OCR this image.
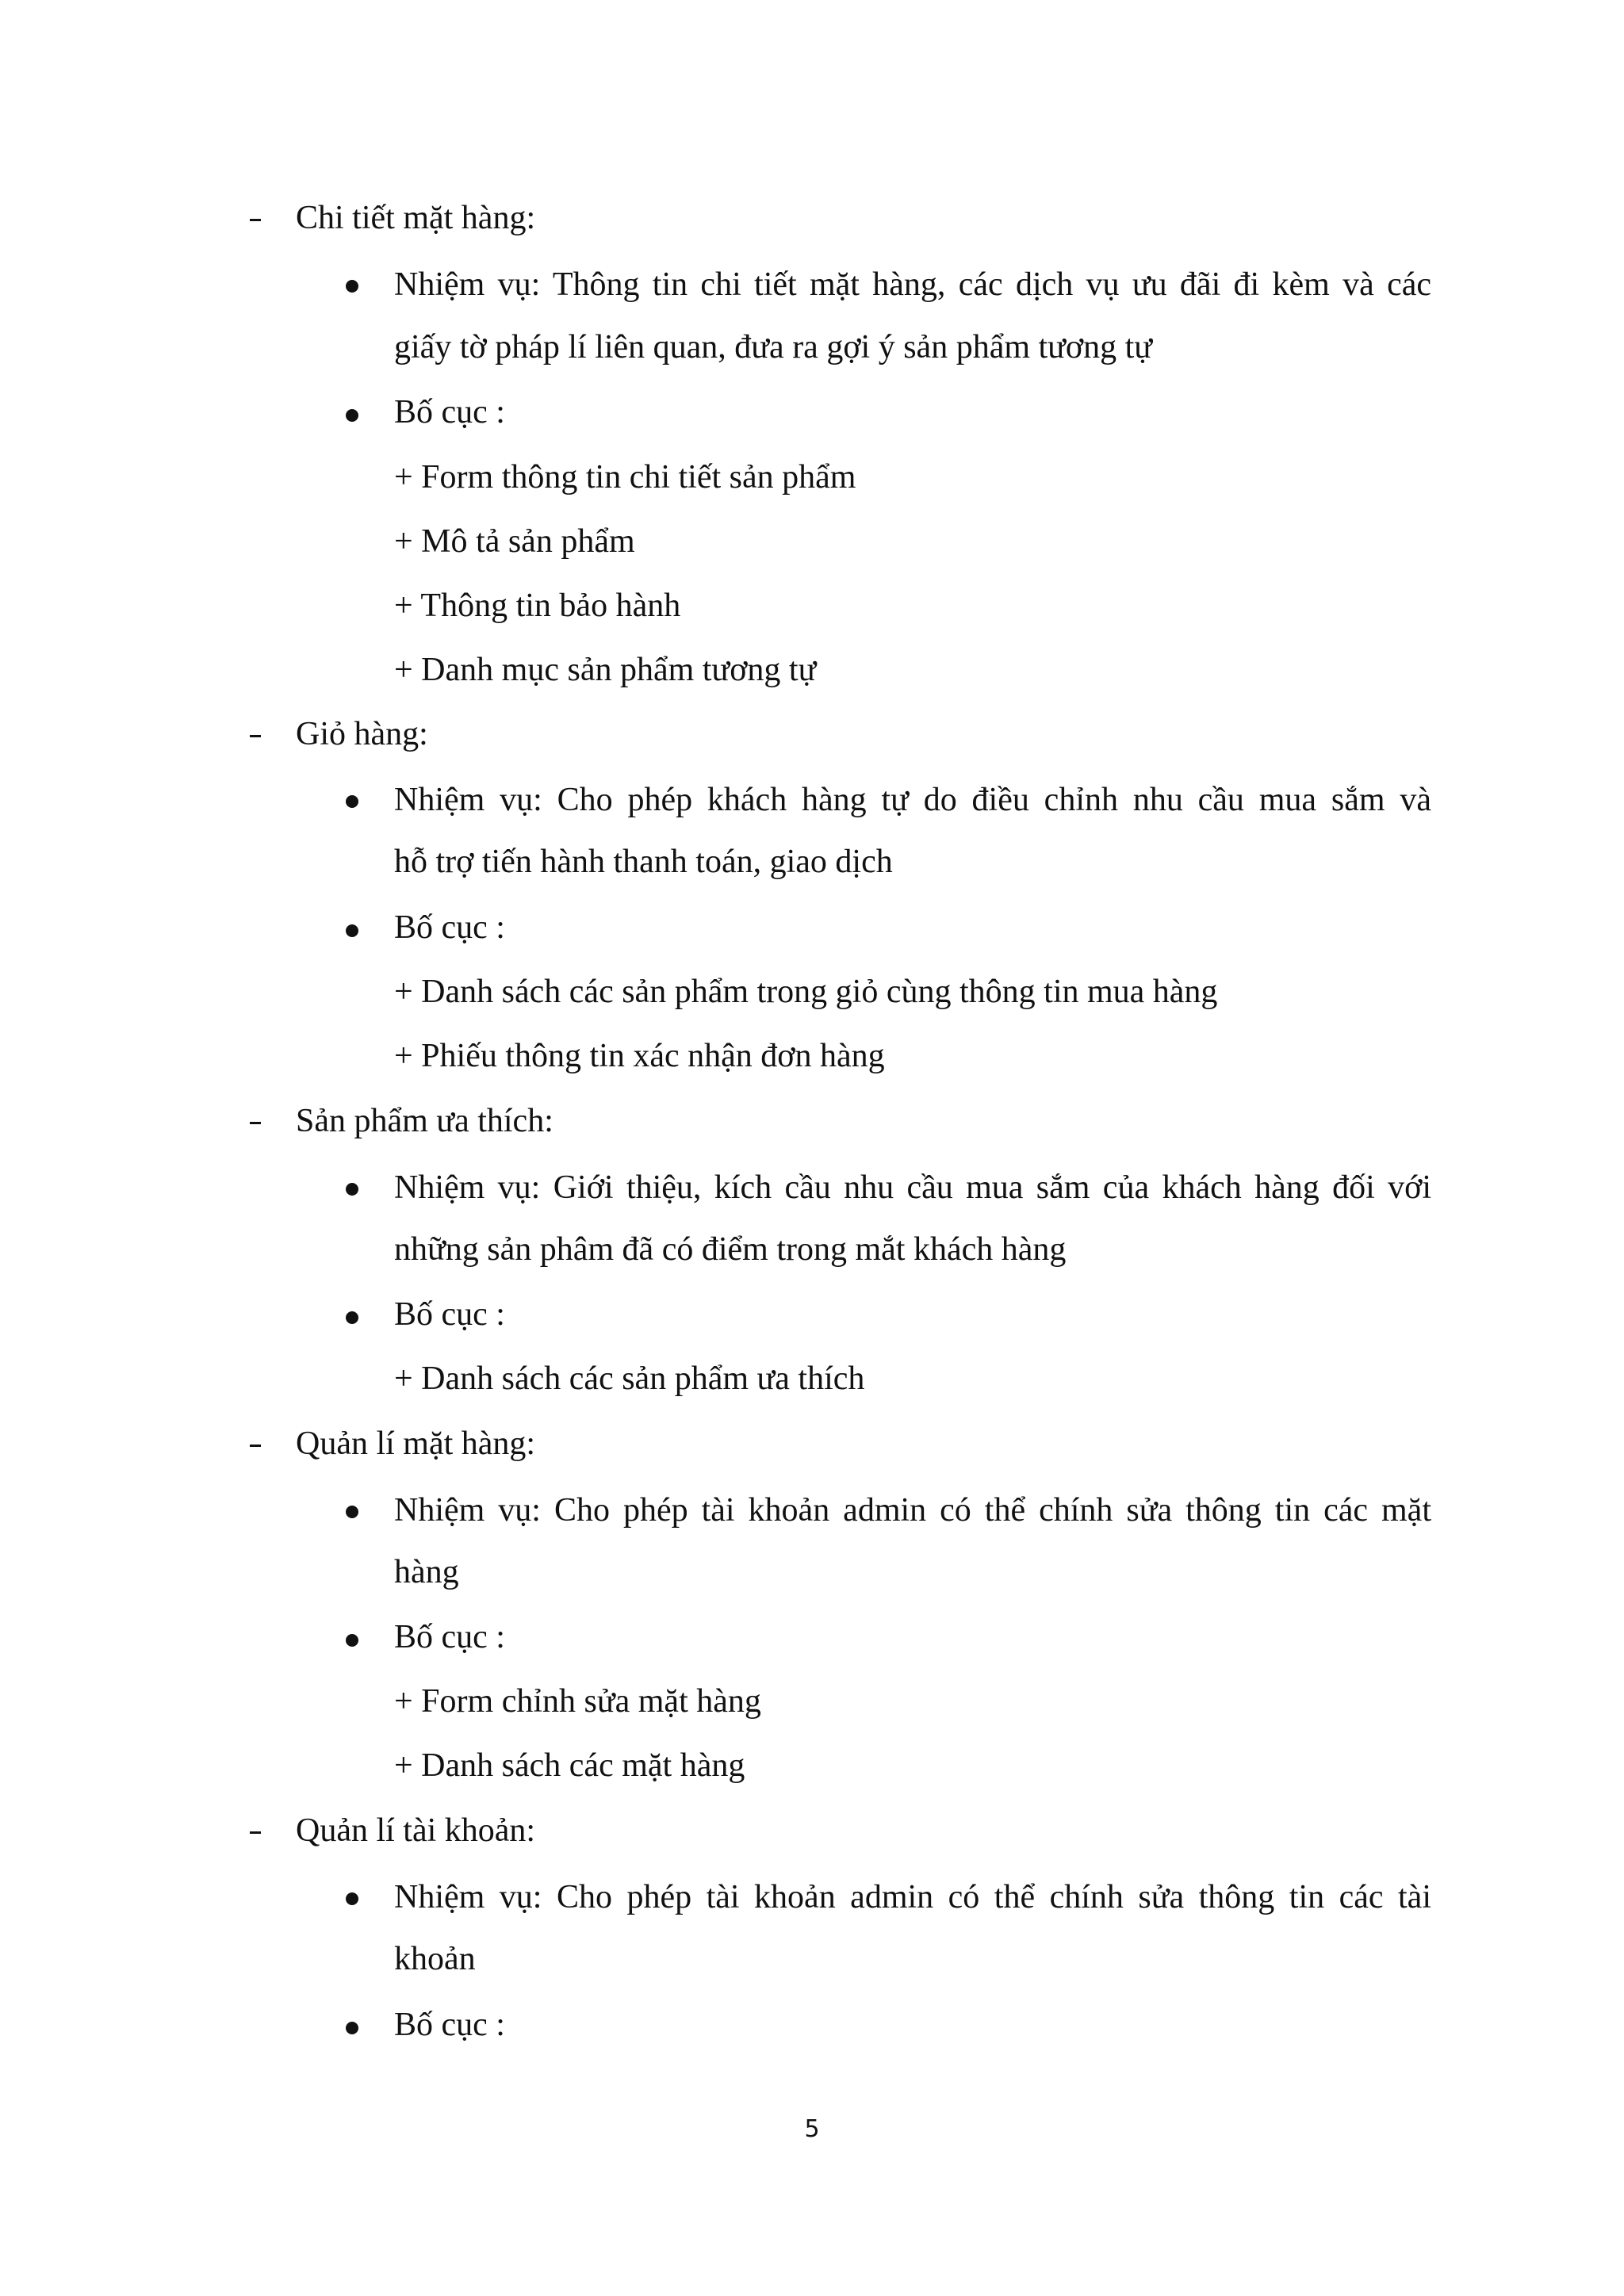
Chi tiết mặt hàng:
Nhiệm vụ: Thông tin chi tiết mặt hàng, các dịch vụ ưu đãi đi kèm và các
giấy tờ pháp lí liên quan, đưa ra gợi ý sản phẩm tương tự
Bố cục :
+ Form thông tin chi tiết sản phẩm
+ Mô tả sản phẩm
+ Thông tin bảo hành
+ Danh mục sản phẩm tương tự
Giỏ hàng:
Nhiệm vụ: Cho phép khách hàng tự do điều chỉnh nhu cầu mua sắm và
hỗ trợ tiến hành thanh toán, giao dịch
Bố cục :
+ Danh sách các sản phẩm trong giỏ cùng thông tin mua hàng
+ Phiếu thông tin xác nhận đơn hàng
Sản phẩm ưa thích:
Nhiệm vụ: Giới thiệu, kích cầu nhu cầu mua sắm của khách hàng đối với
những sản phâm đã có điểm trong mắt khách hàng
Bố cục :
+ Danh sách các sản phẩm ưa thích
Quản lí mặt hàng:
Nhiệm vụ: Cho phép tài khoản admin có thể chính sửa thông tin các mặt
hàng
Bố cục :
+ Form chỉnh sửa mặt hàng
+ Danh sách các mặt hàng
Quản lí tài khoản:
Nhiệm vụ: Cho phép tài khoản admin có thể chính sửa thông tin các tài
khoản
Bố cục :
5
